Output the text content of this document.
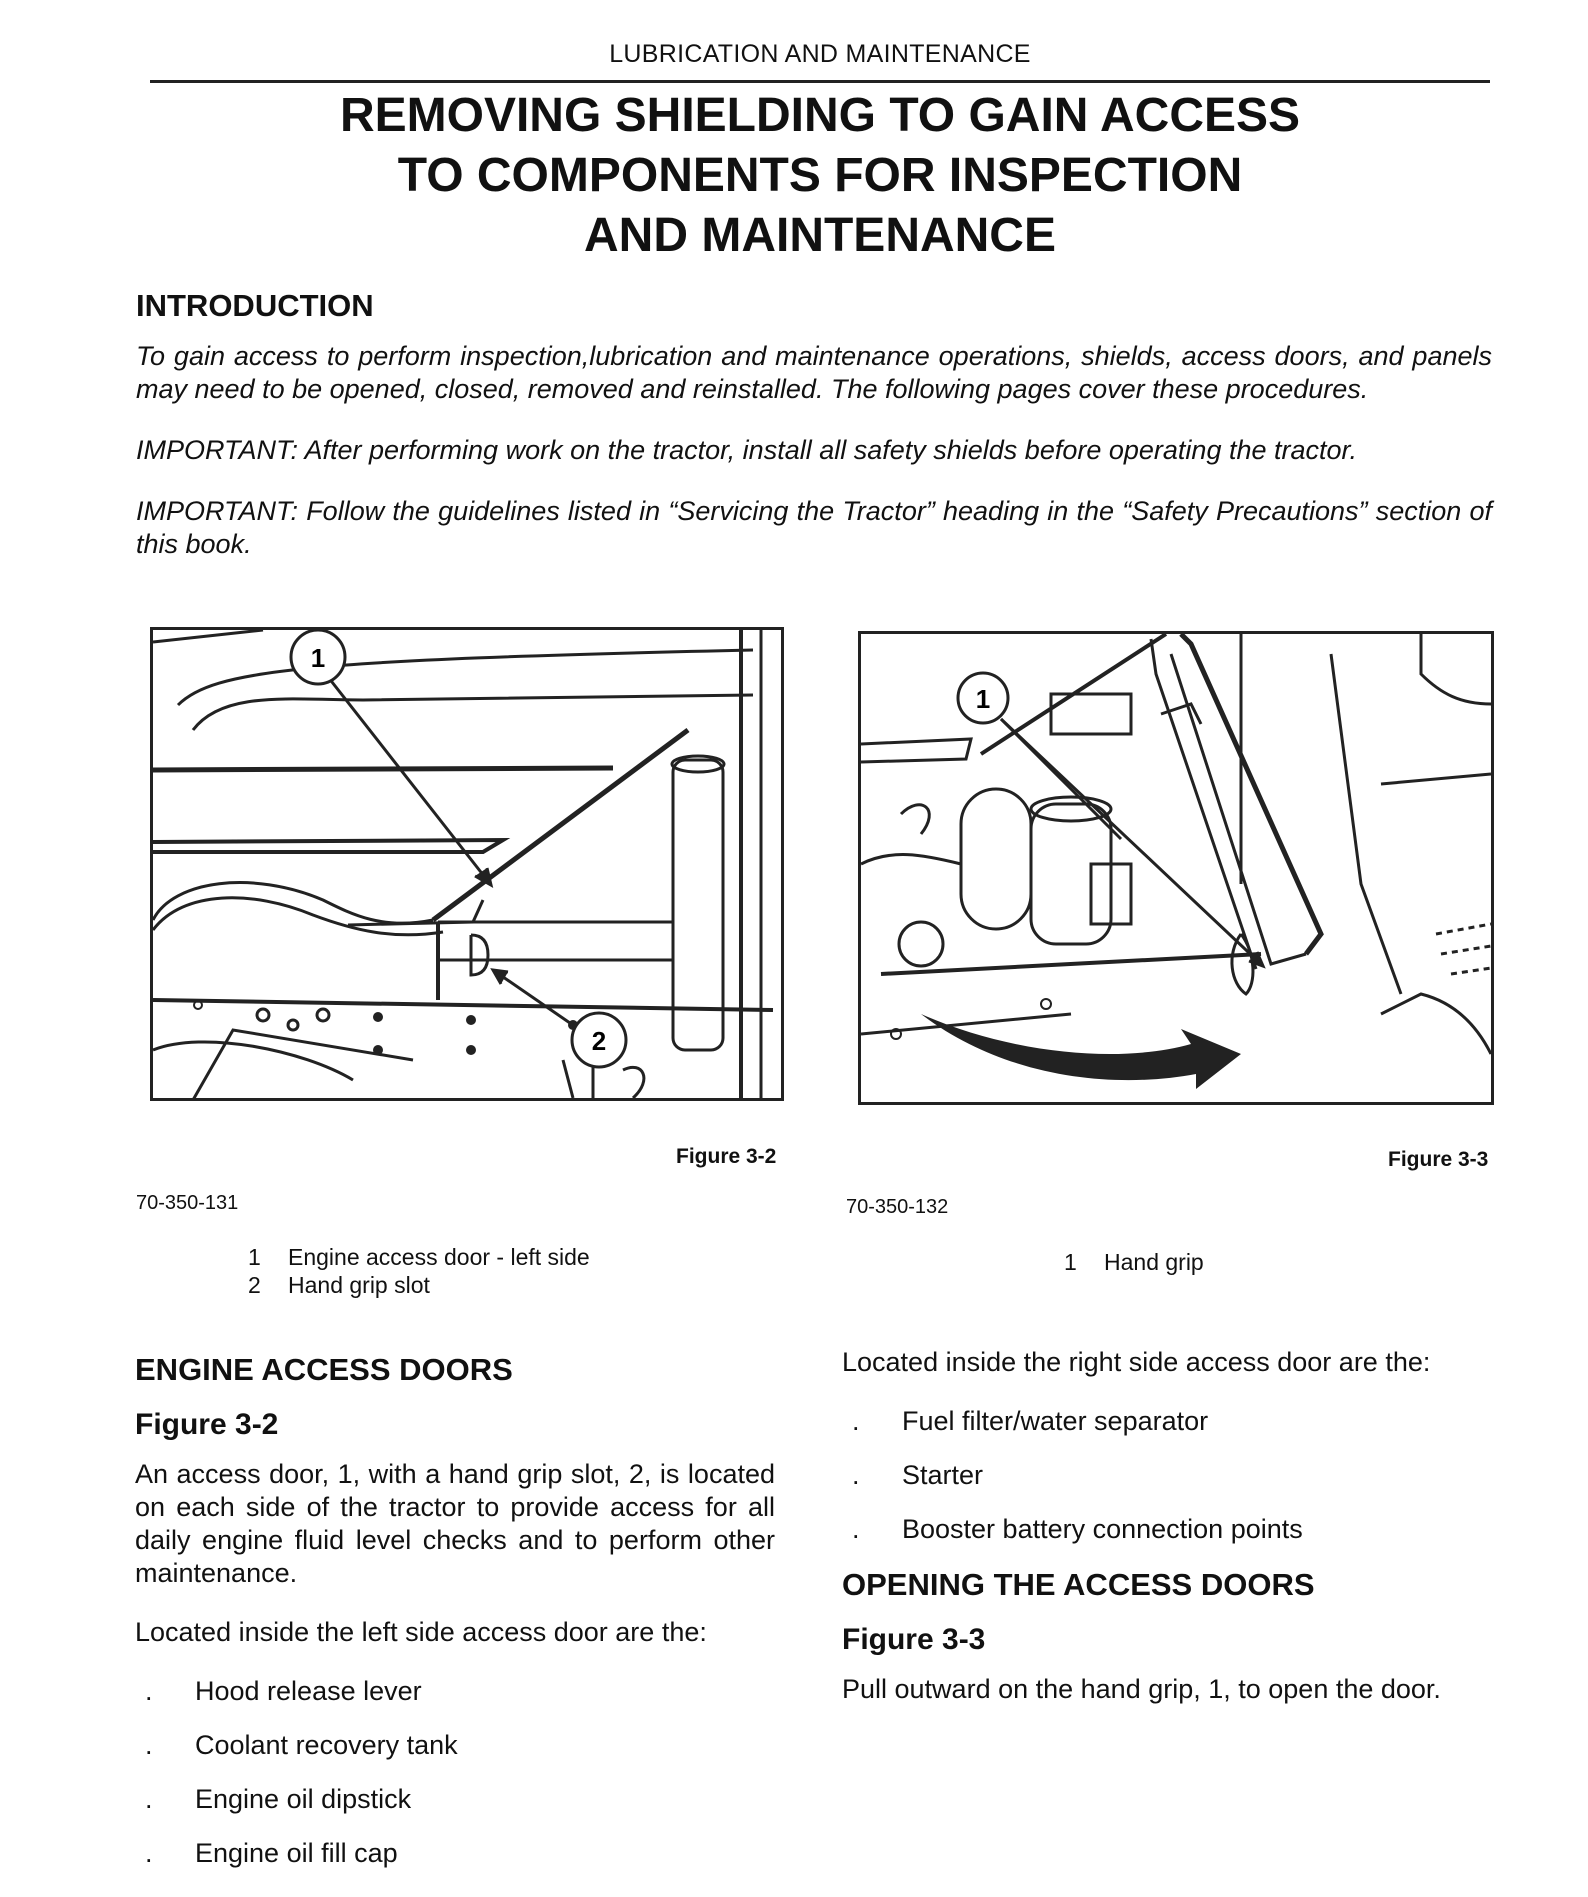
LUBRICATION AND MAINTENANCE
REMOVING SHIELDING TO GAIN ACCESS
TO COMPONENTS FOR INSPECTION
AND MAINTENANCE
INTRODUCTION

To gain access to perform inspection,lubrication and maintenance operations, shields, access doors, and panels may need to be opened, closed, removed and reinstalled. The following pages cover these procedures.

IMPORTANT: After performing work on the tractor, install all safety shields before operating the tractor.

IMPORTANT: Follow the guidelines listed in “Servicing the Tractor” heading in the “Safety Precautions” section of this book.

1
2
1
Figure 3-2	Figure 3-3
70-350-131	70-350-132
1	Engine access door - left side
2	Hand grip slot
1	Hand grip
ENGINE ACCESS DOORS
Figure 3-2

An access door, 1, with a hand grip slot, 2, is located on each side of the tractor to provide access for all daily engine fluid level checks and to perform other maintenance.

Located inside the left side access door are the:

.	Hood release lever
.	Coolant recovery tank
.	Engine oil dipstick
.	Engine oil fill cap

Located inside the right side access door are the:

.	Fuel filter/water separator
.	Starter
.	Booster battery connection points
OPENING THE ACCESS DOORS
Figure 3-3

Pull outward on the hand grip, 1, to open the door.
